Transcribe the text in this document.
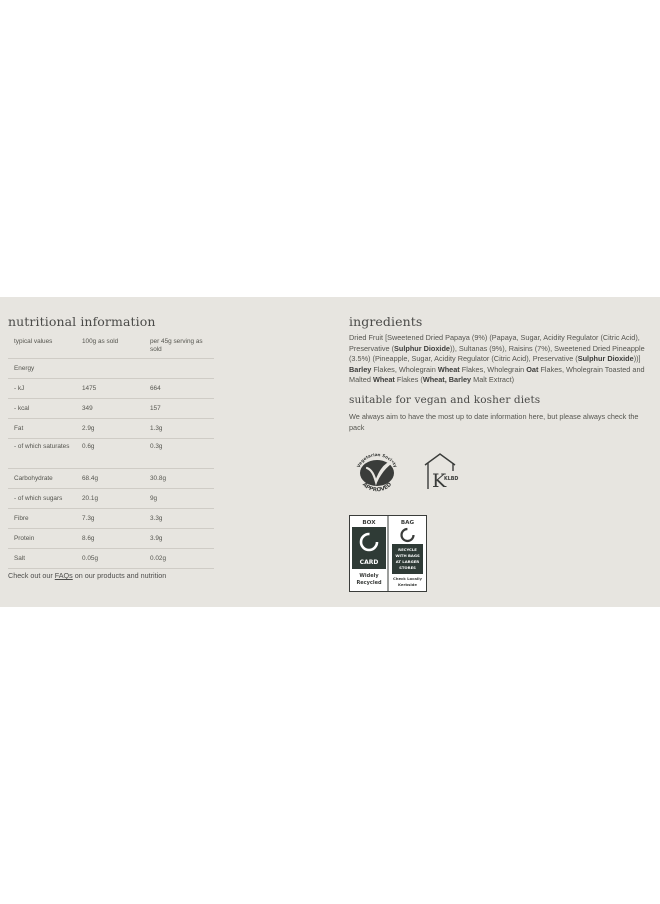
nutritional information
typical values	100g as sold	per 45g serving as sold
Energy
- kJ	1475	664
- kcal	349	157
Fat	2.9g	1.3g
- of which saturates	0.6g	0.3g
Carbohydrate	68.4g	30.8g
- of which sugars	20.1g	9g
Fibre	7.3g	3.3g
Protein	8.6g	3.9g
Salt	0.05g	0.02g
Check out our FAQs on our products and nutrition
ingredients
Dried Fruit [Sweetened Dried Papaya (9%) (Papaya, Sugar, Acidity Regulator (Citric Acid), Preservative (Sulphur Dioxide)), Sultanas (9%), Raisins (7%), Sweetened Dried Pineapple (3.5%) (Pineapple, Sugar, Acidity Regulator (Citric Acid), Preservative (Sulphur Dioxide))] Barley Flakes, Wholegrain Wheat Flakes, Wholegrain Oat Flakes, Wholegrain Toasted and Malted Wheat Flakes (Wheat, Barley Malt Extract)
suitable for vegan and kosher diets
We always aim to have the most up to date information here, but please always check the pack
Vegetarian Society
APPROVED K
KLBD
BOX	BAG
CARD
Widely
Recycled
RECYCLE
WITH BAGS
AT LARGER
STORES
Check Locally
Kerbside
